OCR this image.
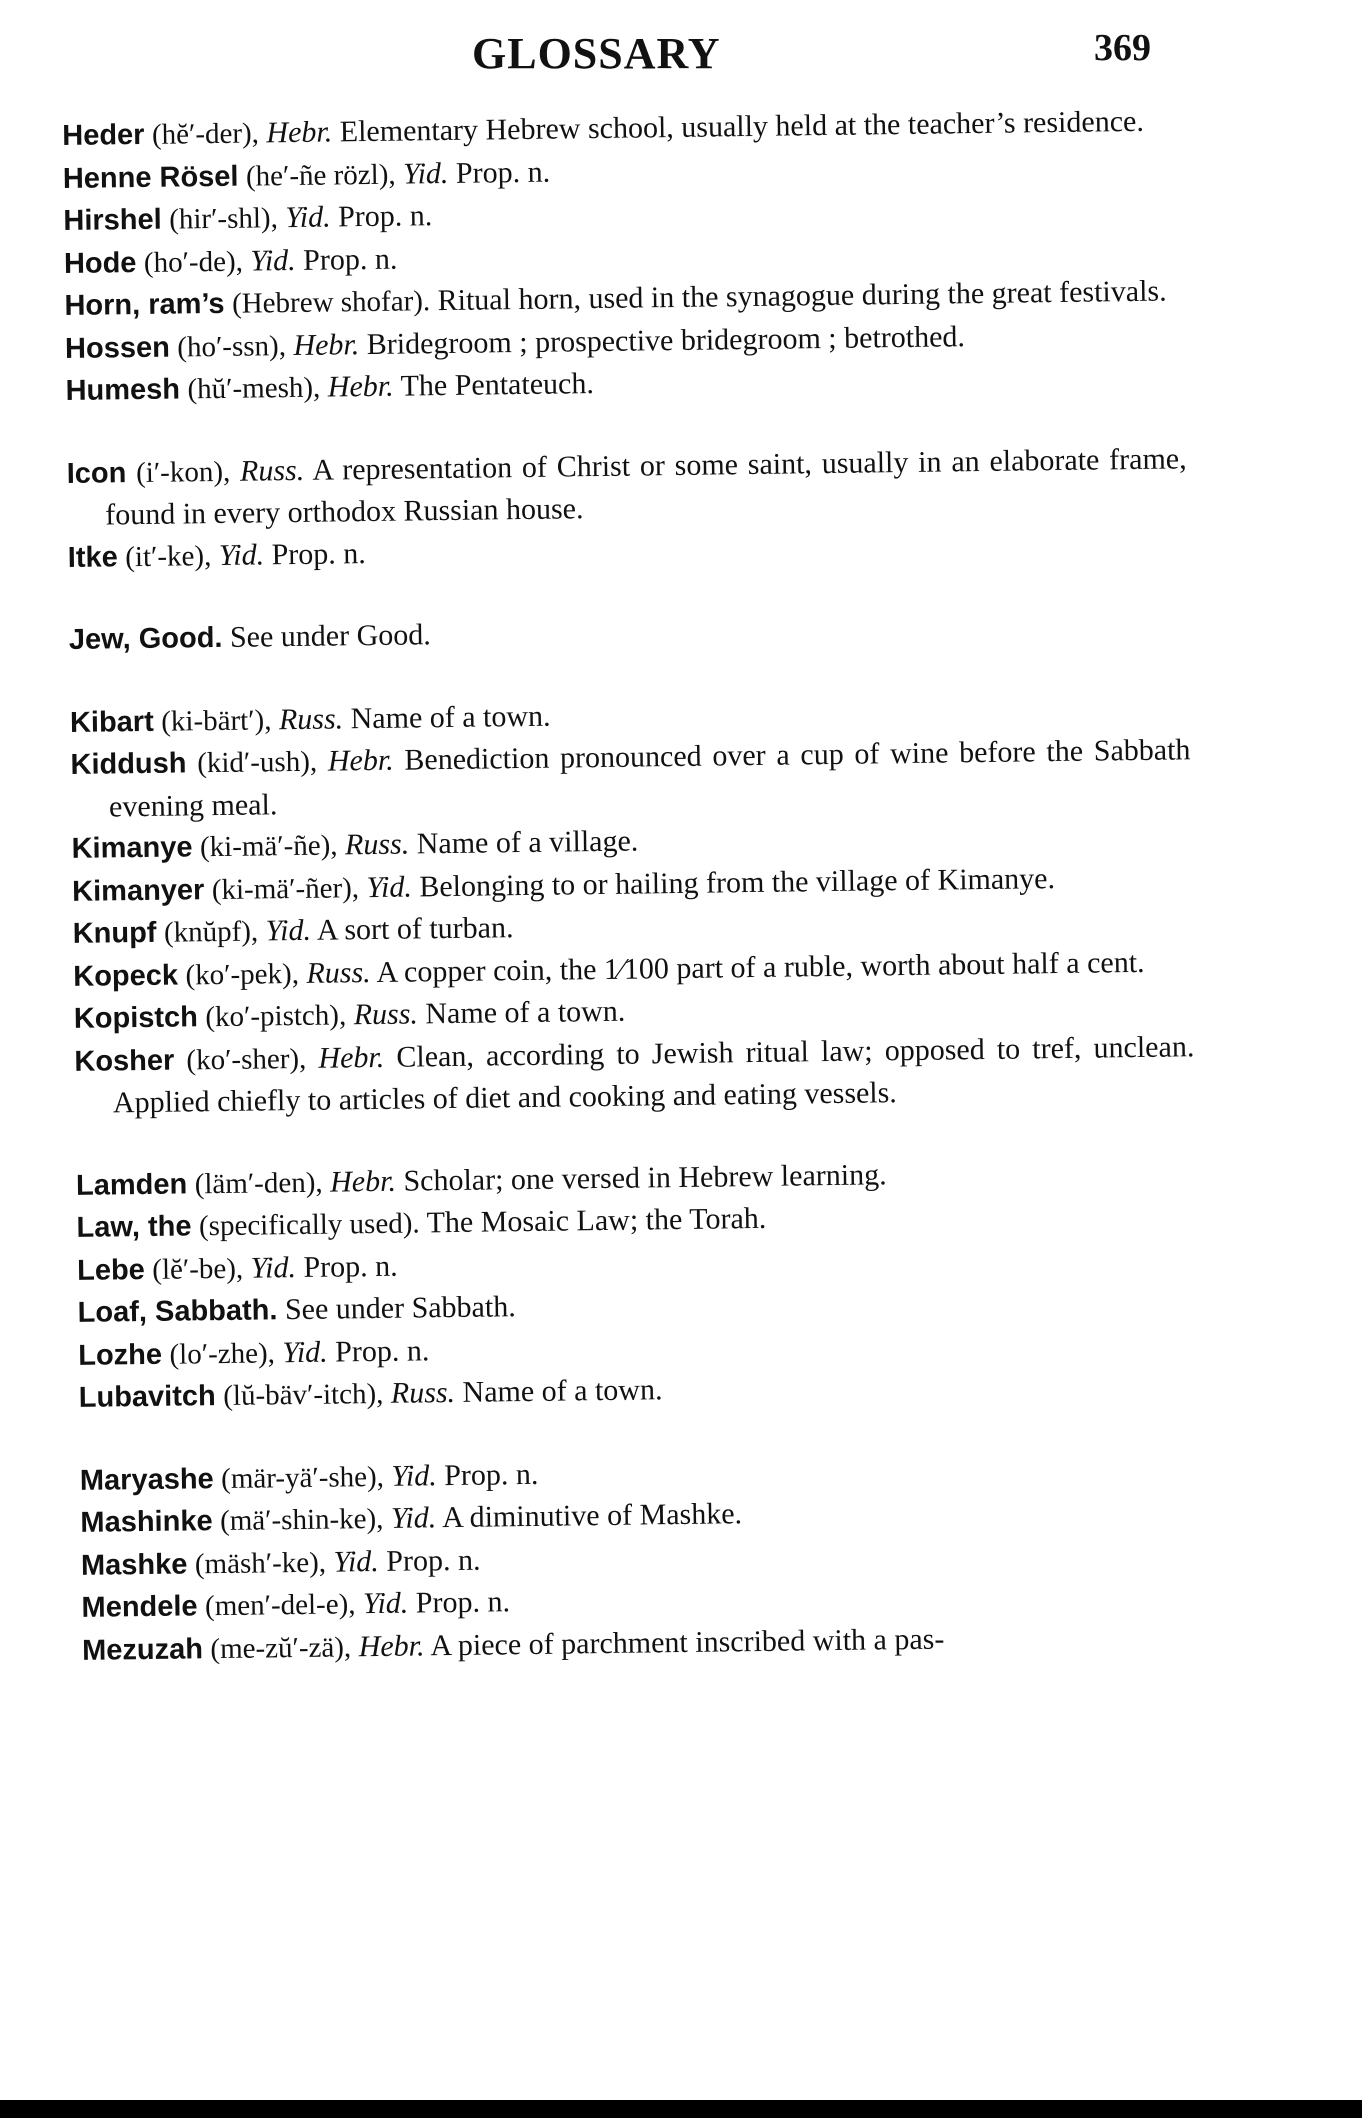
GLOSSARY	369
Heder (hĕ′-der), Hebr. Elementary Hebrew school, usually held at the teacher’s residence.
Henne Rösel (he′-ñe rözl), Yid. Prop. n.
Hirshel (hir′-shl), Yid. Prop. n.
Hode (ho′-de), Yid. Prop. n.
Horn, ram’s (Hebrew shofar). Ritual horn, used in the synagogue during the great festivals.
Hossen (ho′-ssn), Hebr. Bridegroom ; prospective bridegroom ; betrothed.
Humesh (hŭ′-mesh), Hebr. The Pentateuch.
Icon (i′-kon), Russ. A representation of Christ or some saint, usually in an elaborate frame, found in every orthodox Russian house.
Itke (it′-ke), Yid. Prop. n.
Jew, Good. See under Good.
Kibart (ki-bärt′), Russ. Name of a town.
Kiddush (kid′-ush), Hebr. Benediction pronounced over a cup of wine before the Sabbath evening meal.
Kimanye (ki-mä′-ñe), Russ. Name of a village.
Kimanyer (ki-mä′-ñer), Yid. Belonging to or hailing from the village of Kimanye.
Knupf (knŭpf), Yid. A sort of turban.
Kopeck (ko′-pek), Russ. A copper coin, the 1⁄100 part of a ruble, worth about half a cent.
Kopistch (ko′-pistch), Russ. Name of a town.
Kosher (ko′-sher), Hebr. Clean, according to Jewish ritual law; opposed to tref, unclean. Applied chiefly to articles of diet and cooking and eating vessels.
Lamden (läm′-den), Hebr. Scholar; one versed in Hebrew learning.
Law, the (specifically used). The Mosaic Law; the Torah.
Lebe (lĕ′-be), Yid. Prop. n.
Loaf, Sabbath. See under Sabbath.
Lozhe (lo′-zhe), Yid. Prop. n.
Lubavitch (lŭ-bäv′-itch), Russ. Name of a town.
Maryashe (mär-yä′-she), Yid. Prop. n.
Mashinke (mä′-shin-ke), Yid. A diminutive of Mashke.
Mashke (mäsh′-ke), Yid. Prop. n.
Mendele (men′-del-e), Yid. Prop. n.
Mezuzah (me-zŭ′-zä), Hebr. A piece of parchment inscribed with a pas-
